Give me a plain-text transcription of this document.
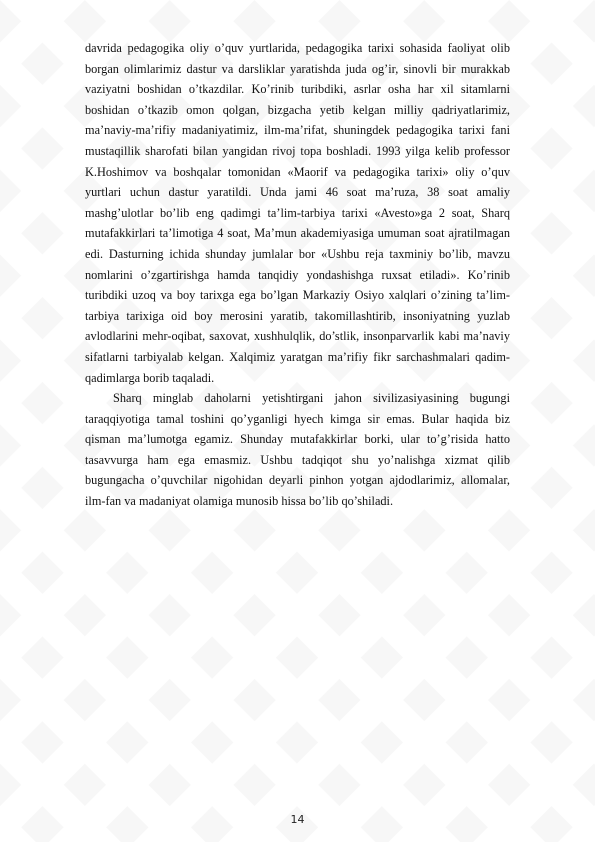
davrida pedagogika oliy o’quv yurtlarida, pedagogika tarixi sohasida faoliyat olib borgan olimlarimiz dastur va darsliklar yaratishda juda og’ir, sinovli bir murakkab vaziyatni boshidan o’tkazdilar. Ko’rinib turibdiki, asrlar osha har xil sitamlarni boshidan o’tkazib omon qolgan, bizgacha yetib kelgan milliy qadriyatlarimiz, ma’naviy-ma’rifiy madaniyatimiz, ilm-ma’rifat, shuningdek pedagogika tarixi fani mustaqillik sharofati bilan yangidan rivoj topa boshladi. 1993 yilga kelib professor K.Hoshimov va boshqalar tomonidan «Maorif va pedagogika tarixi» oliy o’quv yurtlari uchun dastur yaratildi. Unda jami 46 soat ma’ruza, 38 soat amaliy mashg’ulotlar bo’lib eng qadimgi ta’lim-tarbiya tarixi «Avesto»ga 2 soat, Sharq mutafakkirlari ta’limotiga 4 soat, Ma’mun akademiyasiga umuman soat ajratilmagan edi. Dasturning ichida shunday jumlalar bor «Ushbu reja taxminiy bo’lib, mavzu nomlarini o’zgartirishga hamda tanqidiy yondashishga ruxsat etiladi». Ko’rinib turibdiki uzoq va boy tarixga ega bo’lgan Markaziy Osiyo xalqlari o’zining ta’lim-tarbiya tarixiga oid boy merosini yaratib, takomillashtirib, insoniyatning yuzlab avlodlarini mehr-oqibat, saxovat, xushhulqlik, do’stlik, insonparvarlik kabi ma’naviy sifatlarni tarbiyalab kelgan. Xalqimiz yaratgan ma’rifiy fikr sarchashmalari qadim-qadimlarga borib taqaladi.

Sharq minglab daholarni yetishtirgani jahon sivilizasiyasining bugungi taraqqiyotiga tamal toshini qo’yganligi hyech kimga sir emas. Bular haqida biz qisman ma’lumotga egamiz. Shunday mutafakkirlar borki, ular to’g’risida hatto tasavvurga ham ega emasmiz. Ushbu tadqiqot shu yo’nalishga xizmat qilib bugungacha o’quvchilar nigohidan deyarli pinhon yotgan ajdodlarimiz, allomalar, ilm-fan va madaniyat olamiga munosib hissa bo’lib qo’shiladi.

14
